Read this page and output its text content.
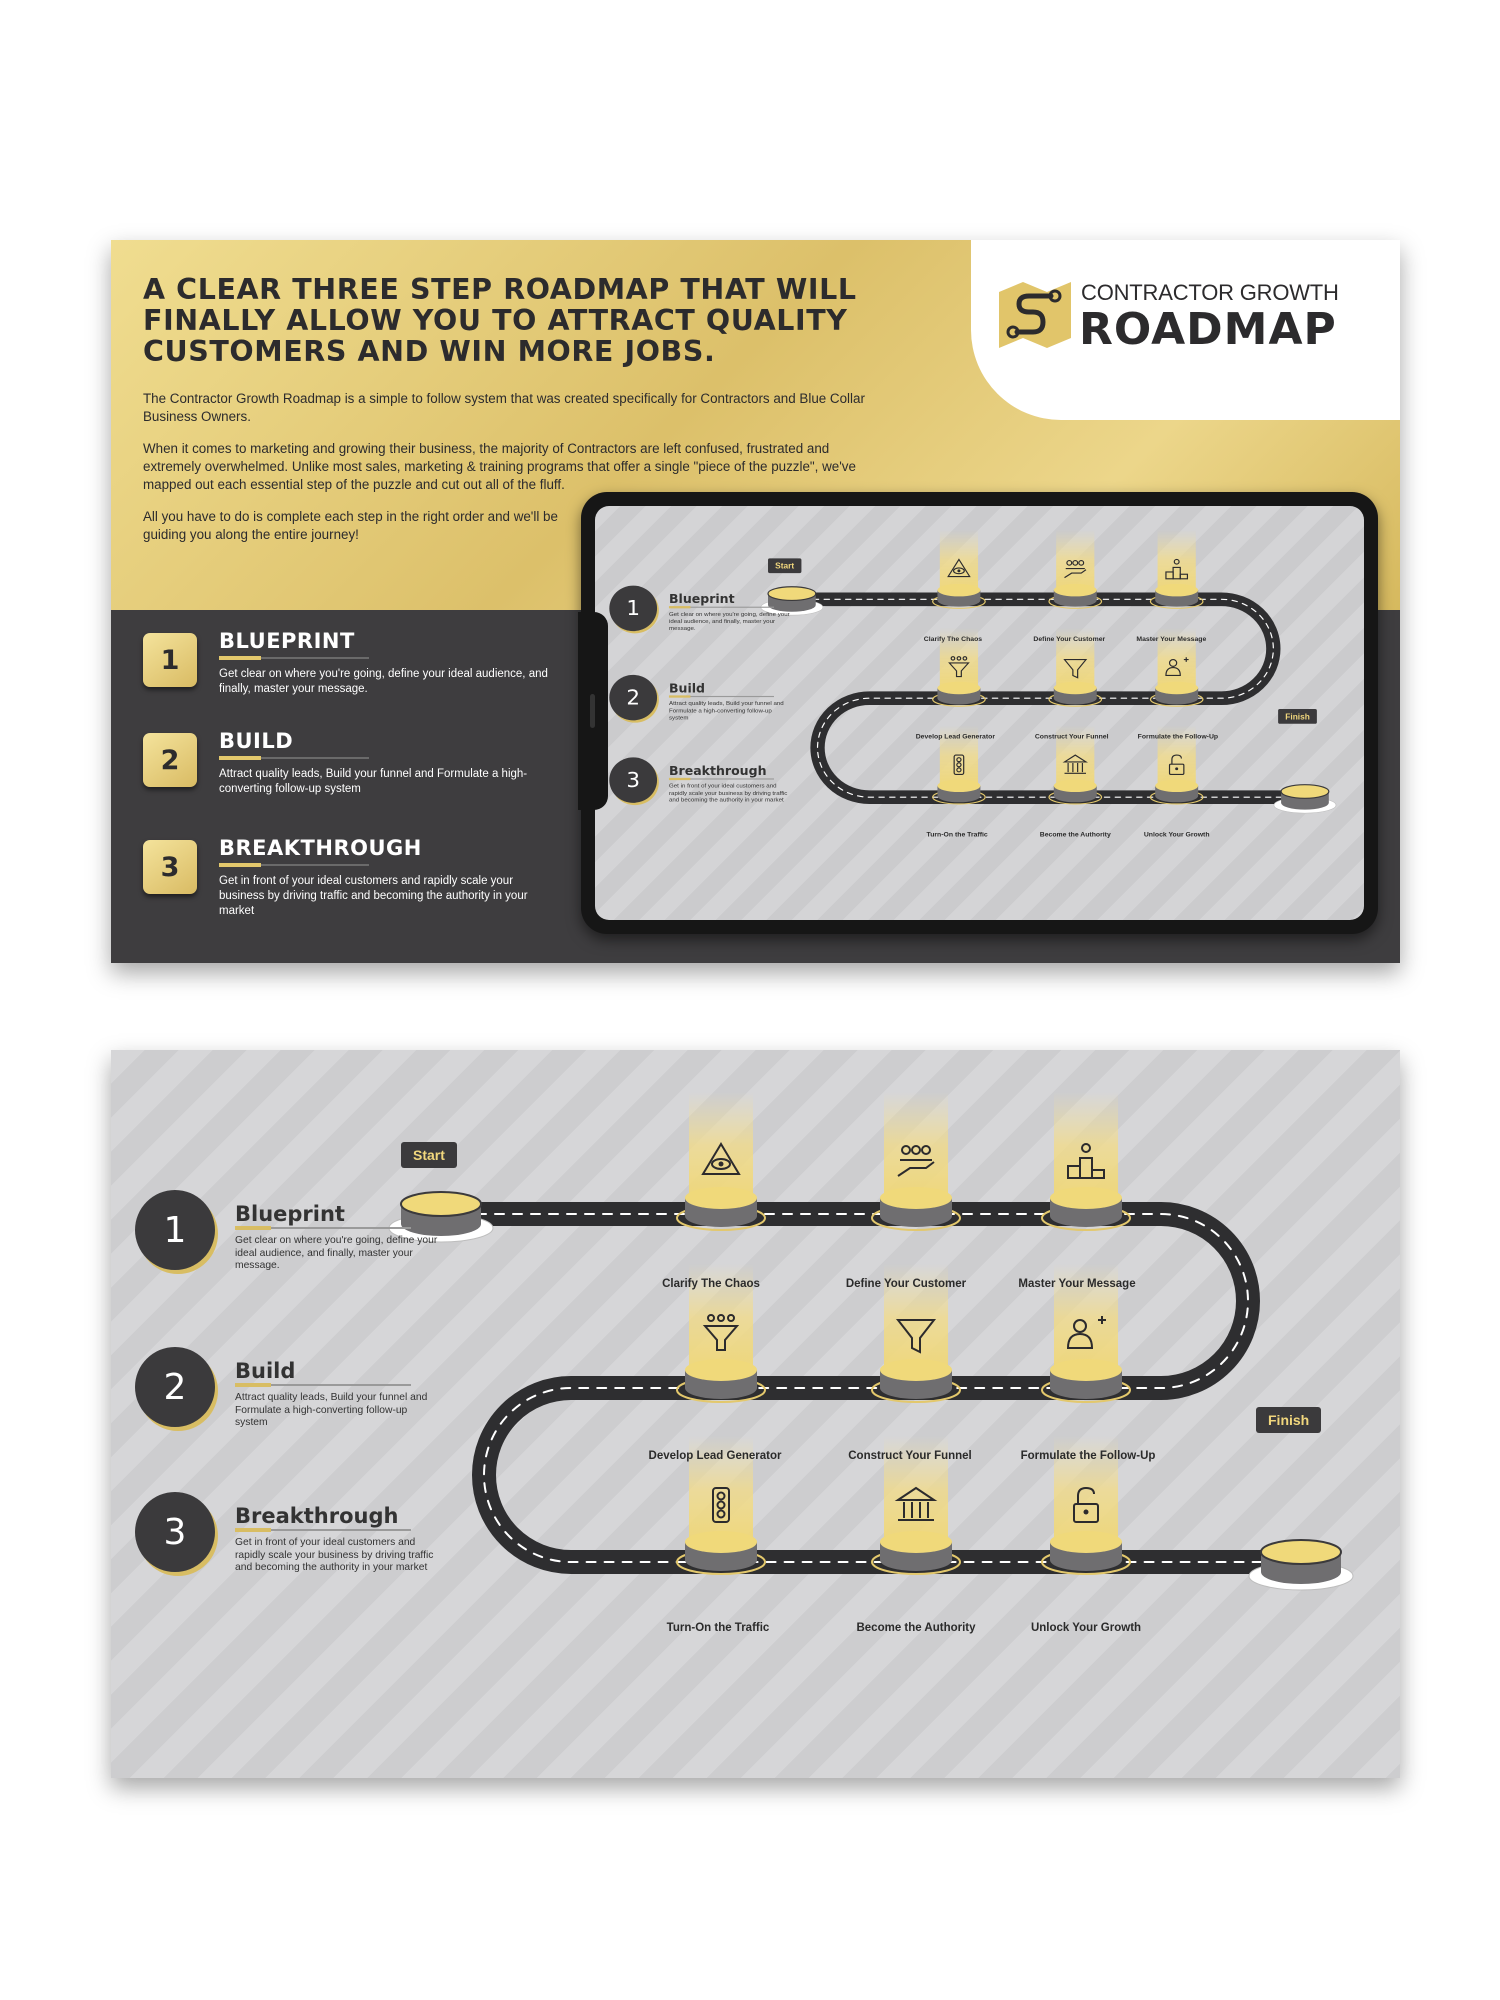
A CLEAR THREE STEP ROADMAP THAT WILL FINALLY ALLOW YOU TO ATTRACT QUALITY CUSTOMERS AND WIN MORE JOBS.

The Contractor Growth Roadmap is a simple to follow system that was created specifically for Contractors and Blue Collar Business Owners.

When it comes to marketing and growing their business, the majority of Contractors are left confused, frustrated and extremely overwhelmed. Unlike most sales, marketing & training programs that offer a single "piece of the puzzle", we've mapped out each essential step of the puzzle and cut out all of the fluff.

All you have to do is complete each step in the right order and we'll be guiding you along the entire journey!

CONTRACTOR GROWTH
ROADMAP
1
BLUEPRINT

Get clear on where you're going, define your ideal audience, and finally, master your message.

2
BUILD

Attract quality leads, Build your funnel and Formulate a high-converting follow-up system

3
BREAKTHROUGH

Get in front of your ideal customers and rapidly scale your business by driving traffic and becoming the authority in your market

Start
Finish
1	Blueprint

Get clear on where you're going, define your ideal audience, and finally, master your message.

2	Build

Attract quality leads, Build your funnel and Formulate a high-converting follow-up system

3	Breakthrough

Get in front of your ideal customers and rapidly scale your business by driving traffic and becoming the authority in your market

Clarify The Chaos	Define Your Customer	Master Your Message
Develop Lead Generator	Construct Your Funnel	Formulate the Follow-Up
Turn-On the Traffic	Become the Authority	Unlock Your Growth
Start
Finish
1	Blueprint

Get clear on where you're going, define your ideal audience, and finally, master your message.

2	Build

Attract quality leads, Build your funnel and Formulate a high-converting follow-up system

3	Breakthrough

Get in front of your ideal customers and rapidly scale your business by driving traffic and becoming the authority in your market

Clarify The Chaos	Define Your Customer	Master Your Message
Develop Lead Generator	Construct Your Funnel	Formulate the Follow-Up
Turn-On the Traffic	Become the Authority	Unlock Your Growth
